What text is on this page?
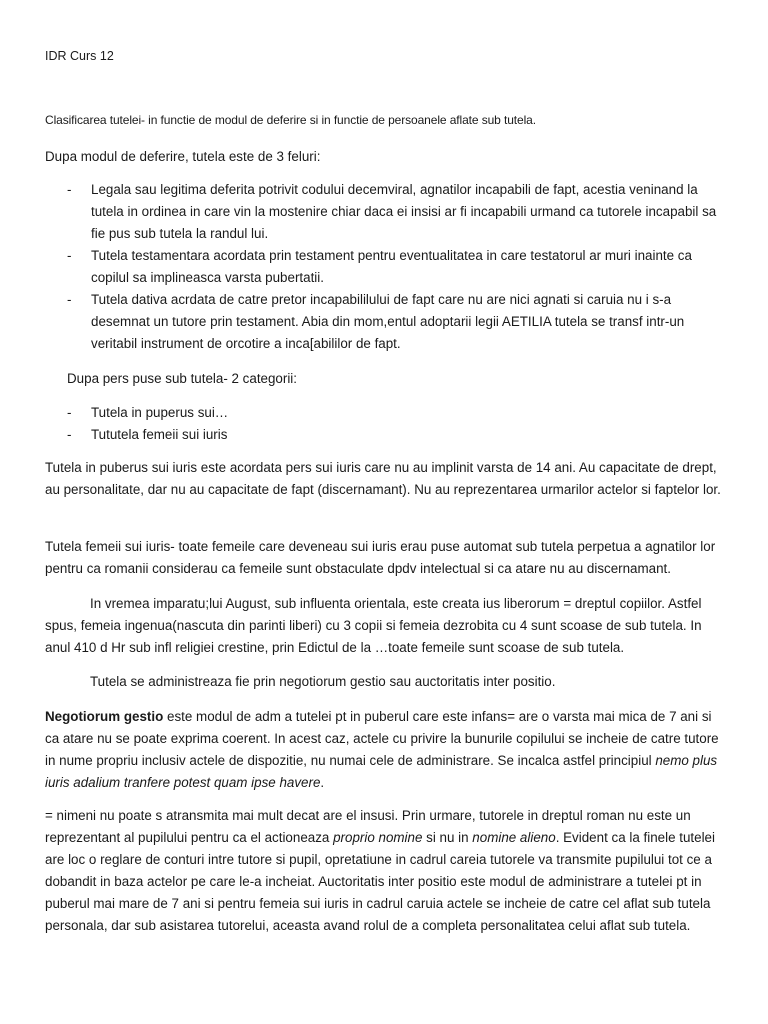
IDR Curs 12
Clasificarea tutelei- in functie de modul de deferire si in functie de persoanele aflate sub tutela.

Dupa modul de deferire, tutela este de 3 feluri:

- Legala sau legitima deferita potrivit codului decemviral, agnatilor incapabili de fapt, acestia veninand la tutela in ordinea in care vin la mostenire chiar daca ei insisi ar fi incapabili urmand ca tutorele incapabil sa fie pus sub tutela la randul lui.
- Tutela testamentara acordata prin testament pentru eventualitatea in care testatorul ar muri inainte ca copilul sa implineasca varsta pubertatii.
- Tutela dativa acrdata de catre pretor incapabililului de fapt care nu are nici agnati si caruia nu i s-a desemnat un tutore prin testament. Abia din mom,entul adoptarii legii AETILIA tutela se transf intr-un veritabil instrument de orcotire a inca[abililor de fapt.

Dupa pers puse sub tutela- 2 categorii:

- Tutela in puperus sui…
- Tututela femeii sui iuris

Tutela in puberus sui iuris este acordata pers sui iuris care nu au implinit varsta de 14 ani. Au capacitate de drept, au personalitate, dar nu au capacitate de fapt (discernamant). Nu au reprezentarea urmarilor actelor si faptelor lor.

Tutela femeii sui iuris- toate femeile care deveneau sui iuris erau puse automat sub tutela perpetua a agnatilor lor pentru ca romanii considerau ca femeile sunt obstaculate dpdv intelectual si ca atare nu au discernamant.

In vremea imparatu;lui August, sub influenta orientala, este creata ius liberorum = dreptul copiilor. Astfel spus, femeia ingenua(nascuta din parinti liberi) cu 3 copii si femeia dezrobita cu 4 sunt scoase de sub tutela. In anul 410 d Hr sub infl religiei crestine, prin Edictul de la …toate femeile sunt scoase de sub tutela.

Tutela se administreaza fie prin negotiorum gestio sau auctoritatis inter positio.

Negotiorum gestio este modul de adm a tutelei pt in puberul care este infans= are o varsta mai mica de 7 ani si ca atare nu se poate exprima coerent. In acest caz, actele cu privire la bunurile copilului se incheie de catre tutore in nume propriu inclusiv actele de dispozitie, nu numai cele de administrare. Se incalca astfel principiul nemo plus iuris adalium tranfere potest quam ipse havere.

= nimeni nu poate s atransmita mai mult decat are el insusi. Prin urmare, tutorele in dreptul roman nu este un reprezentant al pupilului pentru ca el actioneaza proprio nomine si nu in nomine alieno. Evident ca la finele tutelei are loc o reglare de conturi intre tutore si pupil, opretatiune in cadrul careia tutorele va transmite pupilului tot ce a dobandit in baza actelor pe care le-a incheiat. Auctoritatis inter positio este modul de administrare a tutelei pt in puberul mai mare de 7 ani si pentru femeia sui iuris in cadrul caruia actele se incheie de catre cel aflat sub tutela personala, dar sub asistarea tutorelui, aceasta avand rolul de a completa personalitatea celui aflat sub tutela.
